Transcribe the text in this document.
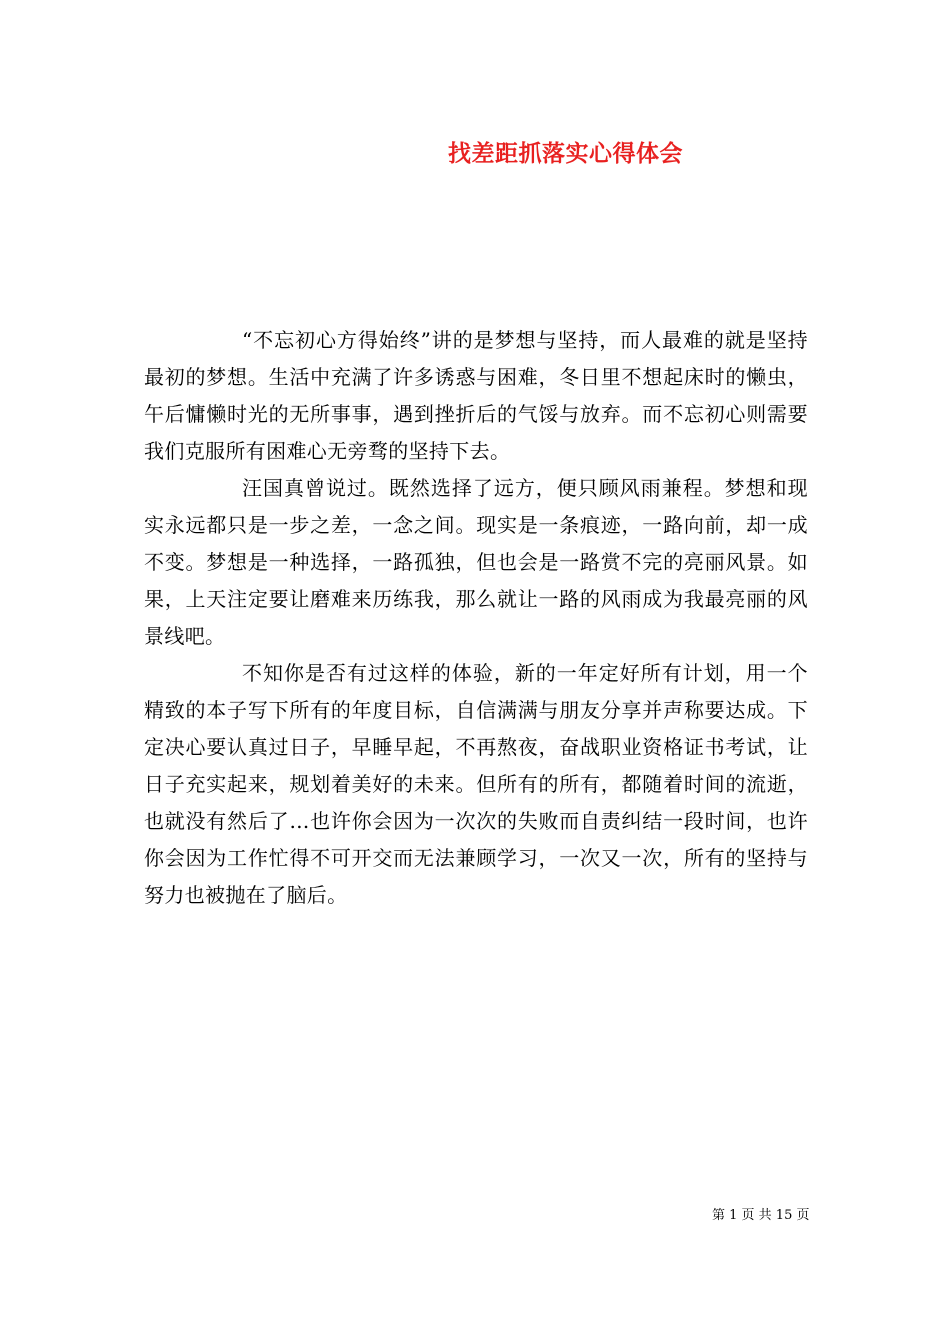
找差距抓落实心得体会

“不忘初心方得始终”讲的是梦想与坚持，而人最难的就是坚持最初的梦想。生活中充满了许多诱惑与困难，冬日里不想起床时的懒虫，午后慵懒时光的无所事事，遇到挫折后的气馁与放弃。而不忘初心则需要我们克服所有困难心无旁骛的坚持下去。

汪国真曾说过。既然选择了远方，便只顾风雨兼程。梦想和现实永远都只是一步之差，一念之间。现实是一条痕迹，一路向前，却一成不变。梦想是一种选择，一路孤独，但也会是一路赏不完的亮丽风景。如果，上天注定要让磨难来历练我，那么就让一路的风雨成为我最亮丽的风景线吧。

不知你是否有过这样的体验，新的一年定好所有计划，用一个精致的本子写下所有的年度目标，自信满满与朋友分享并声称要达成。下定决心要认真过日子，早睡早起，不再熬夜，奋战职业资格证书考试，让日子充实起来，规划着美好的未来。但所有的所有，都随着时间的流逝，也就没有然后了…也许你会因为一次次的失败而自责纠结一段时间，也许你会因为工作忙得不可开交而无法兼顾学习，一次又一次，所有的坚持与努力也被抛在了脑后。

第 1 页 共 15 页
